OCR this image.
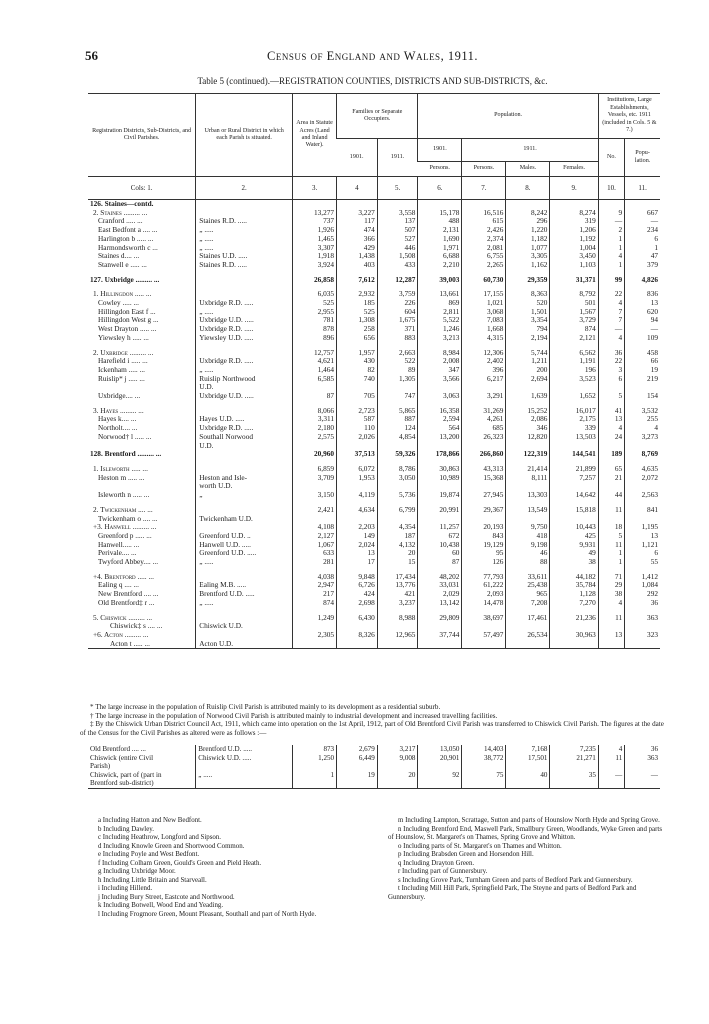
56	Census of England and Wales, 1911.
Table 5 (continued).—REGISTRATION COUNTIES, DISTRICTS AND SUB-DISTRICTS, &c.
Registration Districts, Sub-Districts, and Civil Parishes.	Urban or Rural District in which each Parish is situated.	Area in Statute Acres (Land and Inland Water).	Families or Separate Occupiers.		Population.				Institutions, Large Establishments, Vessels, etc. 1911 (included in Cols. 5 & 7.)	
			1901.	1911.	1901.	1911.			No.	Popu- lation.
					Persons.	Persons.	Males.	Females.		
Cols: 1.	2.	3.	4	5.	6.	7.	8.	9.	10.	11.
126. Staines—contd.										
2. Staines ......... ...		13,277	3,227	3,558	15,178	16,516	8,242	8,274	9	667
Cranford ..... ...	Staines R.D. .....	737	117	137	488	615	296	319	—	—
East Bedfont a .... ...	„ .....	1,926	474	507	2,131	2,426	1,220	1,206	2	234
Harlington b ..... ...	„ .....	1,465	366	527	1,690	2,374	1,182	1,192	1	6
Harmondsworth c ...	„ .....	3,307	429	446	1,971	2,081	1,077	1,004	1	1
Staines d.... ...	Staines U.D. .....	1,918	1,438	1,508	6,688	6,755	3,305	3,450	4	47
Stanwell e ..... ...	Staines R.D. .....	3,924	403	433	2,210	2,265	1,162	1,103	1	379

127. Uxbridge ......... ...		26,858	7,612	12,287	39,003	60,730	29,359	31,371	99	4,826

1. Hillingdon ..... ...		6,035	2,932	3,759	13,661	17,155	8,363	8,792	22	836
Cowley ..... ...	Uxbridge R.D. .....	525	185	226	869	1,021	520	501	4	13
Hillingdon East f ...	„ .....	2,955	525	604	2,811	3,068	1,501	1,567	7	620
Hillingdon West g ...	Uxbridge U.D. .....	781	1,308	1,675	5,522	7,083	3,354	3,729	7	94
West Drayton ..... ...	Uxbridge R.D. .....	878	258	371	1,246	1,668	794	874	—	—
Yiewsley h ..... ...	Yiewsley U.D. .....	896	656	883	3,213	4,315	2,194	2,121	4	109

2. Uxbridge ......... ...		12,757	1,957	2,663	8,984	12,306	5,744	6,562	36	458
Harefield i ..... ...	Uxbridge R.D. .....	4,621	430	522	2,008	2,402	1,211	1,191	22	66
Ickenham ..... ...	„ .....	1,464	82	89	347	396	200	196	3	19
Ruislip* j ..... ...	Ruislip Northwood	6,585	740	1,305	3,566	6,217	2,694	3,523	6	219
	U.D.									
Uxbridge.... ...	Uxbridge U.D. .....	87	705	747	3,063	3,291	1,639	1,652	5	154

3. Hayes ......... ...		8,066	2,723	5,865	16,358	31,269	15,252	16,017	41	3,532
Hayes k.... ...	Hayes U.D. .....	3,311	587	887	2,594	4,261	2,086	2,175	13	255
Northolt.... ...	Uxbridge R.D. .....	2,180	110	124	564	685	346	339	4	4
Norwood† l ..... ...	Southall Norwood	2,575	2,026	4,854	13,200	26,323	12,820	13,503	24	3,273
	U.D.									
128. Brentford ......... ...		20,960	37,513	59,326	178,866	266,860	122,319	144,541	189	8,769

1. Isleworth ..... ...		6,859	6,072	8,786	30,863	43,313	21,414	21,899	65	4,635
Heston m ..... ...	Heston and Isle-	3,709	1,953	3,050	10,989	15,368	8,111	7,257	21	2,072
	worth U.D.									
Isleworth n ..... ...	„	3,150	4,119	5,736	19,874	27,945	13,303	14,642	44	2,563

2. Twickenham .... ...		2,421	4,634	6,799	20,991	29,367	13,549	15,818	11	841
Twickenham o .... ...	Twickenham U.D.									
+3. Hanwell ......... ...		4,108	2,203	4,354	11,257	20,193	9,750	10,443	18	1,195
Greenford p ..... ...	Greenford U.D. ..	2,127	149	187	672	843	418	425	5	13
Hanwell..... ...	Hanwell U.D. .....	1,067	2,024	4,132	10,438	19,129	9,198	9,931	11	1,121
Perivale.... ...	Greenford U.D. .....	633	13	20	60	95	46	49	1	6
Twyford Abbey.... ...	„ .....	281	17	15	87	126	88	38	1	55

+4. Brentford ..... ...		4,038	9,848	17,434	48,202	77,793	33,611	44,182	71	1,412
Ealing q .... ...	Ealing M.B. .....	2,947	6,726	13,776	33,031	61,222	25,438	35,784	29	1,084
New Brentford .... ...	Brentford U.D. .....	217	424	421	2,029	2,093	965	1,128	38	292
Old Brentford‡ r ...	„ .....	874	2,698	3,237	13,142	14,478	7,208	7,270	4	36

5. Chiswick ......... ...		1,249	6,430	8,988	29,809	38,697	17,461	21,236	11	363
Chiswick‡ s .... ...	Chiswick U.D.									
+6. Acton ......... ...		2,305	8,326	12,965	37,744	57,497	26,534	30,963	13	323
Acton t ..... ...	Acton U.D.									

* The large increase in the population of Ruislip Civil Parish is attributed mainly to its development as a residential suburb.

† The large increase in the population of Norwood Civil Parish is attributed mainly to industrial development and increased travelling facilities.

‡ By the Chiswick Urban District Council Act, 1911, which came into operation on the 1st April, 1912, part of Old Brentford Civil Parish was transferred to Chiswick Civil Parish. The figures at the date of the Census for the Civil Parishes as altered were as follows :—

Old Brentford .... ...	Brentford U.D. .....	873	2,679	3,217	13,050	14,403	7,168	7,235	4	36
Chiswick (entire Civil	Chiswick U.D. .....	1,250	6,449	9,008	20,901	38,772	17,501	21,271	11	363
Parish)										
Chiswick, part of (part in	„ .....	1	19	20	92	75	40	35	—	—
Brentford sub-district)										
a Including Hatton and New Bedfont.
b Including Dawley.
c Including Heathrow, Longford and Sipson.
d Including Knowle Green and Shortwood Common.
e Including Poyle and West Bedfont.
f Including Colham Green, Gould's Green and Pield Heath.
g Including Uxbridge Moor.
h Including Little Britain and Starveall.
i Including Hillend.
j Including Bury Street, Eastcote and Northwood.
k Including Botwell, Wood End and Yeading.
l Including Frogmore Green, Mount Pleasant, Southall and part of North Hyde.
m Including Lampton, Scrattage, Sutton and parts of Hounslow North Hyde and Spring Grove.
n Including Brentford End, Maswell Park, Smallbury Green, Woodlands, Wyke Green and parts of Hounslow, St. Margaret's on Thames, Spring Grove and Whitton.
o Including parts of St. Margaret's on Thames and Whitton.
p Including Brabsden Green and Horsendon Hill.
q Including Drayton Green.
r Including part of Gunnersbury.
s Including Grove Park, Turnham Green and parts of Bedford Park and Gunnersbury.
t Including Mill Hill Park, Springfield Park, The Steyne and parts of Bedford Park and Gunnersbury.
